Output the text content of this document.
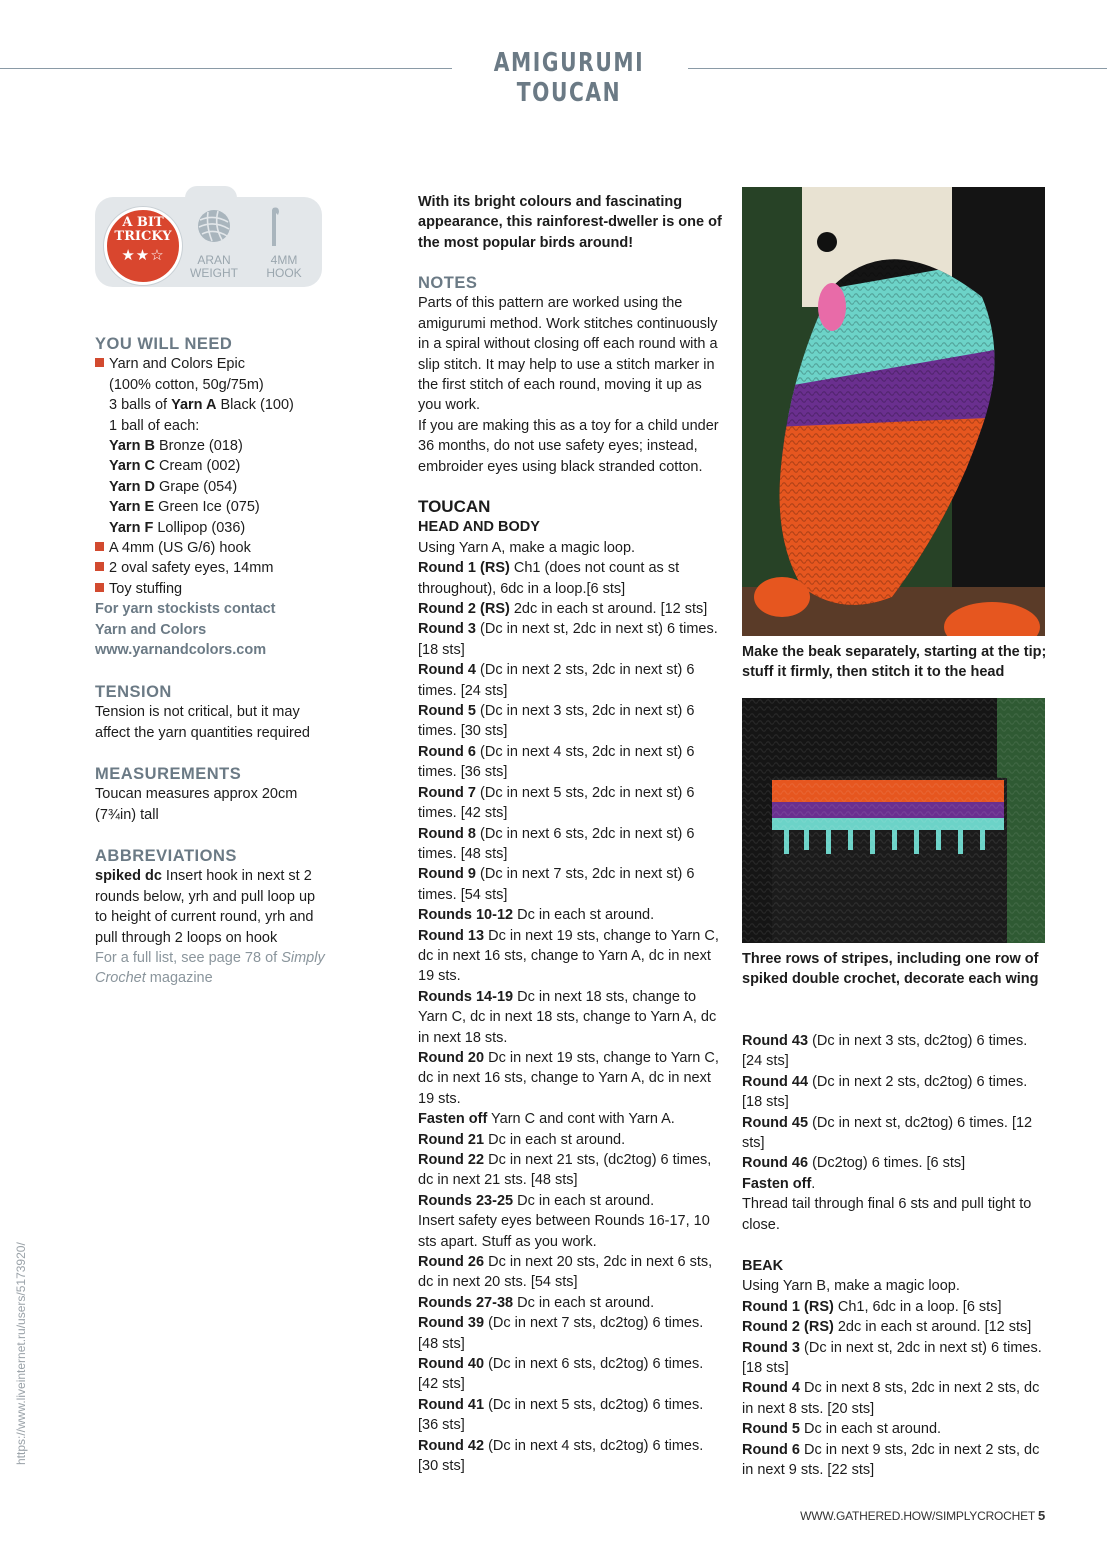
AMIGURUMI TOUCAN
A BIT
TRICKY
★★☆	ARAN
WEIGHT
4MM
HOOK
YOU WILL NEED

Yarn and Colors Epic

(100% cotton, 50g/75m)

3 balls of Yarn A Black (100)

1 ball of each:

Yarn B Bronze (018)

Yarn C Cream (002)

Yarn D Grape (054)

Yarn E Green Ice (075)

Yarn F Lollipop (036)

A 4mm (US G/6) hook

2 oval safety eyes, 14mm

Toy stuffing

For yarn stockists contact

Yarn and Colors

www.yarnandcolors.com

TENSION

Tension is not critical, but it may affect the yarn quantities required

MEASUREMENTS

Toucan measures approx 20cm

(7¾in) tall

ABBREVIATIONS

spiked dc Insert hook in next st 2 rounds below, yrh and pull loop up to height of current round, yrh and pull through 2 loops on hook

For a full list, see page 78 of Simply Crochet magazine

With its bright colours and fascinating appearance, this rainforest-dweller is one of the most popular birds around!

NOTES

Parts of this pattern are worked using the amigurumi method. Work stitches continuously in a spiral without closing off each round with a slip stitch. It may help to use a stitch marker in the first stitch of each round, moving it up as you work.

If you are making this as a toy for a child under 36 months, do not use safety eyes; instead, embroider eyes using black stranded cotton.

TOUCAN
HEAD AND BODY

Using Yarn A, make a magic loop.

Round 1 (RS) Ch1 (does not count as st throughout), 6dc in a loop.[6 sts]

Round 2 (RS) 2dc in each st around. [12 sts]

Round 3 (Dc in next st, 2dc in next st) 6 times. [18 sts]

Round 4 (Dc in next 2 sts, 2dc in next st) 6 times. [24 sts]

Round 5 (Dc in next 3 sts, 2dc in next st) 6 times. [30 sts]

Round 6 (Dc in next 4 sts, 2dc in next st) 6 times. [36 sts]

Round 7 (Dc in next 5 sts, 2dc in next st) 6 times. [42 sts]

Round 8 (Dc in next 6 sts, 2dc in next st) 6 times. [48 sts]

Round 9 (Dc in next 7 sts, 2dc in next st) 6 times. [54 sts]

Rounds 10-12 Dc in each st around.

Round 13 Dc in next 19 sts, change to Yarn C, dc in next 16 sts, change to Yarn A, dc in next 19 sts.

Rounds 14-19 Dc in next 18 sts, change to Yarn C, dc in next 18 sts, change to Yarn A, dc in next 18 sts.

Round 20 Dc in next 19 sts, change to Yarn C, dc in next 16 sts, change to Yarn A, dc in next 19 sts.

Fasten off Yarn C and cont with Yarn A.

Round 21 Dc in each st around.

Round 22 Dc in next 21 sts, (dc2tog) 6 times, dc in next 21 sts. [48 sts]

Rounds 23-25 Dc in each st around.

Insert safety eyes between Rounds 16-17, 10 sts apart. Stuff as you work.

Round 26 Dc in next 20 sts, 2dc in next 6 sts, dc in next 20 sts. [54 sts]

Rounds 27-38 Dc in each st around.

Round 39 (Dc in next 7 sts, dc2tog) 6 times. [48 sts]

Round 40 (Dc in next 6 sts, dc2tog) 6 times. [42 sts]

Round 41 (Dc in next 5 sts, dc2tog) 6 times. [36 sts]

Round 42 (Dc in next 4 sts, dc2tog) 6 times. [30 sts]

Make the beak separately, starting at the tip; stuff it firmly, then stitch it to the head
Three rows of stripes, including one row of spiked double crochet, decorate each wing

Round 43 (Dc in next 3 sts, dc2tog) 6 times. [24 sts]

Round 44 (Dc in next 2 sts, dc2tog) 6 times. [18 sts]

Round 45 (Dc in next st, dc2tog) 6 times. [12 sts]

Round 46 (Dc2tog) 6 times. [6 sts]

Fasten off.

Thread tail through final 6 sts and pull tight to close.

BEAK

Using Yarn B, make a magic loop.

Round 1 (RS) Ch1, 6dc in a loop. [6 sts]

Round 2 (RS) 2dc in each st around. [12 sts]

Round 3 (Dc in next st, 2dc in next st) 6 times. [18 sts]

Round 4 Dc in next 8 sts, 2dc in next 2 sts, dc in next 8 sts. [20 sts]

Round 5 Dc in each st around.

Round 6 Dc in next 9 sts, 2dc in next 2 sts, dc in next 9 sts. [22 sts]

WWW.GATHERED.HOW/SIMPLYCROCHET 5
https://www.liveinternet.ru/users/5173920/
